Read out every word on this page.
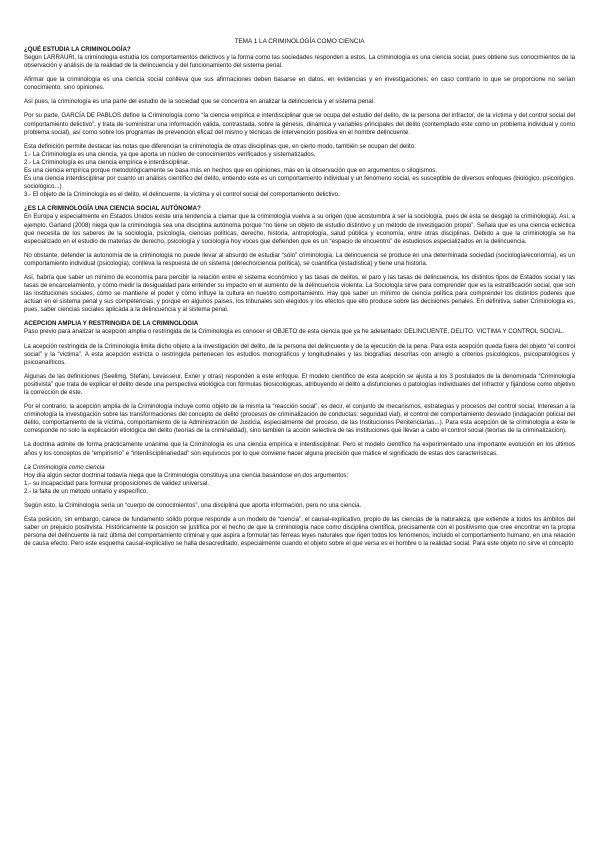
TEMA 1 LA CRIMINOLOGÍA COMO CIENCIA

¿QUÉ ESTUDIA LA CRIMINOLOGÍA?

Según LARRAURI, la criminología estudia los comportamientos delictivos y la forma como las sociedades responden a estos. La criminología es una ciencia social, pues obtiene sus conocimientos de la observación y análisis de la realidad de la delincuencia y del funcionamiento del sistema penal.

Afirmar que la criminología es una ciencia social conlleva que sus afirmaciones deben basarse en datos, en evidencias y en investigaciones; en caso contrario lo que se proporcione no serían conocimiento, sino opiniones.

Así pues, la criminología es una parte del estudio de la sociedad que se concentra en analizar la delincuencia y el sistema penal.

Por su parte, GARCÍA DE PABLOS define la Criminología como “la ciencia empírica e interdisciplinar que se ocupa del estudio del delito, de la persona del infractor, de la víctima y del control social del comportamiento delictivo”, y trata de suministrar una información válida, contrastada, sobre la génesis, dinámica y variables principales del delito (contemplado este como un problema individual y como problema social), así como sobre los programas de prevención eficaz del mismo y técnicas de intervención positiva en el hombre delincuente.

Esta definición permite destacar las notas que diferencian la criminología de otras disciplinas que, en cierto modo, también se ocupan del delito:

1.- La Criminología es una ciencia, ya que aporta un núcleo de conocimientos verificados y sistematizados.

2.- La Criminología es una ciencia empírica e interdisciplinar.

Es una ciencia empírica porque metodológicamente se basa más en hechos que en opiniones, más en la observación que en argumentos o silogismos.

Es una ciencia interdisciplinar por cuanto un análisis científico del delito, entiendo este es un comportamiento individual y un fenómeno social, es susceptible de diversos enfoques (biológico, psicológico, sociológico...)

3.- El objeto de la Criminología es el delito, el delincuente, la víctima y el control social del comportamiento delictivo.

¿ES LA CRIMINOLOGÍA UNA CIENCIA SOCIAL AUTÓNOMA?

En Europa y especialmente en Estados Unidos existe una tendencia a clamar que la criminología vuelva a su origen (que acostumbra a ser la sociología, pues de esta se desgajó la criminología). Así, a ejemplo, Garland (2008) niega que la criminología sea una disciplina autónoma porque “no tiene un objeto de estudio distintivo y un método de investigación propio”. Señala que es una ciencia ecléctica que necesita de los saberes de la sociología, psicología, ciencias políticas, derecho, historia, antropología, salud pública y economía, entre otras disciplinas. Debido a que la criminología se ha especializado en el estudio de materias de derecho, psicología y sociología hoy voces que defienden que es un “espacio de encuentro” de estudiosos especializados en la delincuencia.

No obstante, defender la autonomía de la criminología no puede llevar al absurdo de estudiar “sólo” criminología. La delincuencia se produce en una determinada sociedad (sociología/economía), es un comportamiento individual (psicología), conlleva la respuesta de un sistema (derecho/ciencia política), se cuantifica (estadística) y tiene una historia.

Así, habría que saber un mínimo de economía para percibir la relación entre el sistema económico y las tasas de delitos, el paro y las tasas de delincuencia, los distintos tipos de Estados social y las tasas de encarcelamiento, y cómo medir la desigualdad para entender su impacto en el aumento de la delincuencia violenta. La Sociología sirve para comprender que es la estratificación social, que son las instituciones sociales, cómo se mantiene el poder y cómo influye la cultura en nuestro comportamiento. Hay que saber un mínimo de ciencia política para comprender los distintos poderes que actúan en el sistema penal y sus competencias, y porqué en algunos países, los tribunales son elegidos y los efectos que ello produce sobre las decisiones penales. En definitiva, saber Criminología es, pues, saber ciencias sociales aplicada a la delincuencia y al sistema penal.

ACEPCION AMPLIA Y RESTRINGIDA DE LA CRIMINOLOGIA

Paso previo para analizar la acepción amplia o restringida de la Criminología es conocer el OBJETO de esta ciencia que ya he adelantado: DELINCUENTE, DELITO, VICTIMA Y CONTROL SOCIAL.

La acepción restringida de la Criminología limita dicho objeto a la investigación del delito, de la persona del delincuente y de la ejecución de la pena. Para esta acepción queda fuera del objeto “el control social” y la “victima”. A esta acepción estricta o restringida pertenecen los estudios monográficos y longitudinales y las biografías descritas con arreglo a criterios psicológicos, psicopatológicos y psicoanalíticos.

Algunas de las definiciones (Seelimg, Stefani, Levasseur, Exner y otras) responden a este enfoque. El modelo científico de esta acepción se ajusta a los 3 postulados de la denominada “Criminología positivista” que trata de explicar el delito desde una perspectiva etiológica con fórmulas biosicológicas, atribuyendo el delito a disfunciones o patologías individuales del infractor y fijándose como objetivo la corrección de éste.

Por el contrario, la acepción amplia de la Criminología incluye como objeto de la misma la “reacción social”, es decir, el conjunto de mecanismos, estrategias y procesos del control social. Interesan a la criminología la investigación sobre las transformaciones del concepto de delito (procesos de criminalización de conductas: seguridad vial), el control del comportamiento desviado (indagación policial del delito, comportamiento de la víctima, comportamiento de la Administración de Justicia, especialmente del proceso, de las Instituciones Penitenciarias...). Para esta acepción de la criminología a éste le corresponde no solo la explicación etiológica del delito (teorías de la criminalidad), sino también la acción selectiva de las instituciones que llevan a cabo el control social (teorías de la criminalización).

La doctrina admite de forma prácticamente unánime que la Criminología es una ciencia empírica e interdisciplinar. Pero el modelo científico ha experimentado una importante evolución en los últimos años y los conceptos de “empirismo” e “interdisciplinariedad” son equívocos por lo que conviene hacer alguna precisión que matice el significado de estas dos características.

La Criminología como ciencia

Hoy día algún sector doctrinal todavía niega que la Criminología constituya una ciencia basándose en dos argumentos:

1.- su incapacidad para formular proposiciones de validez universal.

2.- la falta de un método unitario y específico.

Según esto, la Criminología sería un “cuerpo de conocimientos”, una disciplina que aporta información, pero no una ciencia.

Esta posición, sin embargo, carece de fundamento sólido porque responde a un modelo de “ciencia”, el causal-explicativo, propio de las ciencias de la naturaleza, que extiende a todos los ámbitos del saber un prejuicio positivista. Históricamente la posición se justifica por el hecho de que la criminología nace como disciplina científica, precisamente con el positivismo que cree encontrar en la propia persona del delincuente la raíz última del comportamiento criminal y que aspira a formular las férreas leyes naturales que rigen todos los fenómenos, incluido el comportamiento humano, en una relación de causa efecto. Pero este esquema causal-explicativo se halla desacreditado, especialmente cuando el objeto sobre el que versa es el hombre o la realidad social. Para este objeto no sirve el concepto
